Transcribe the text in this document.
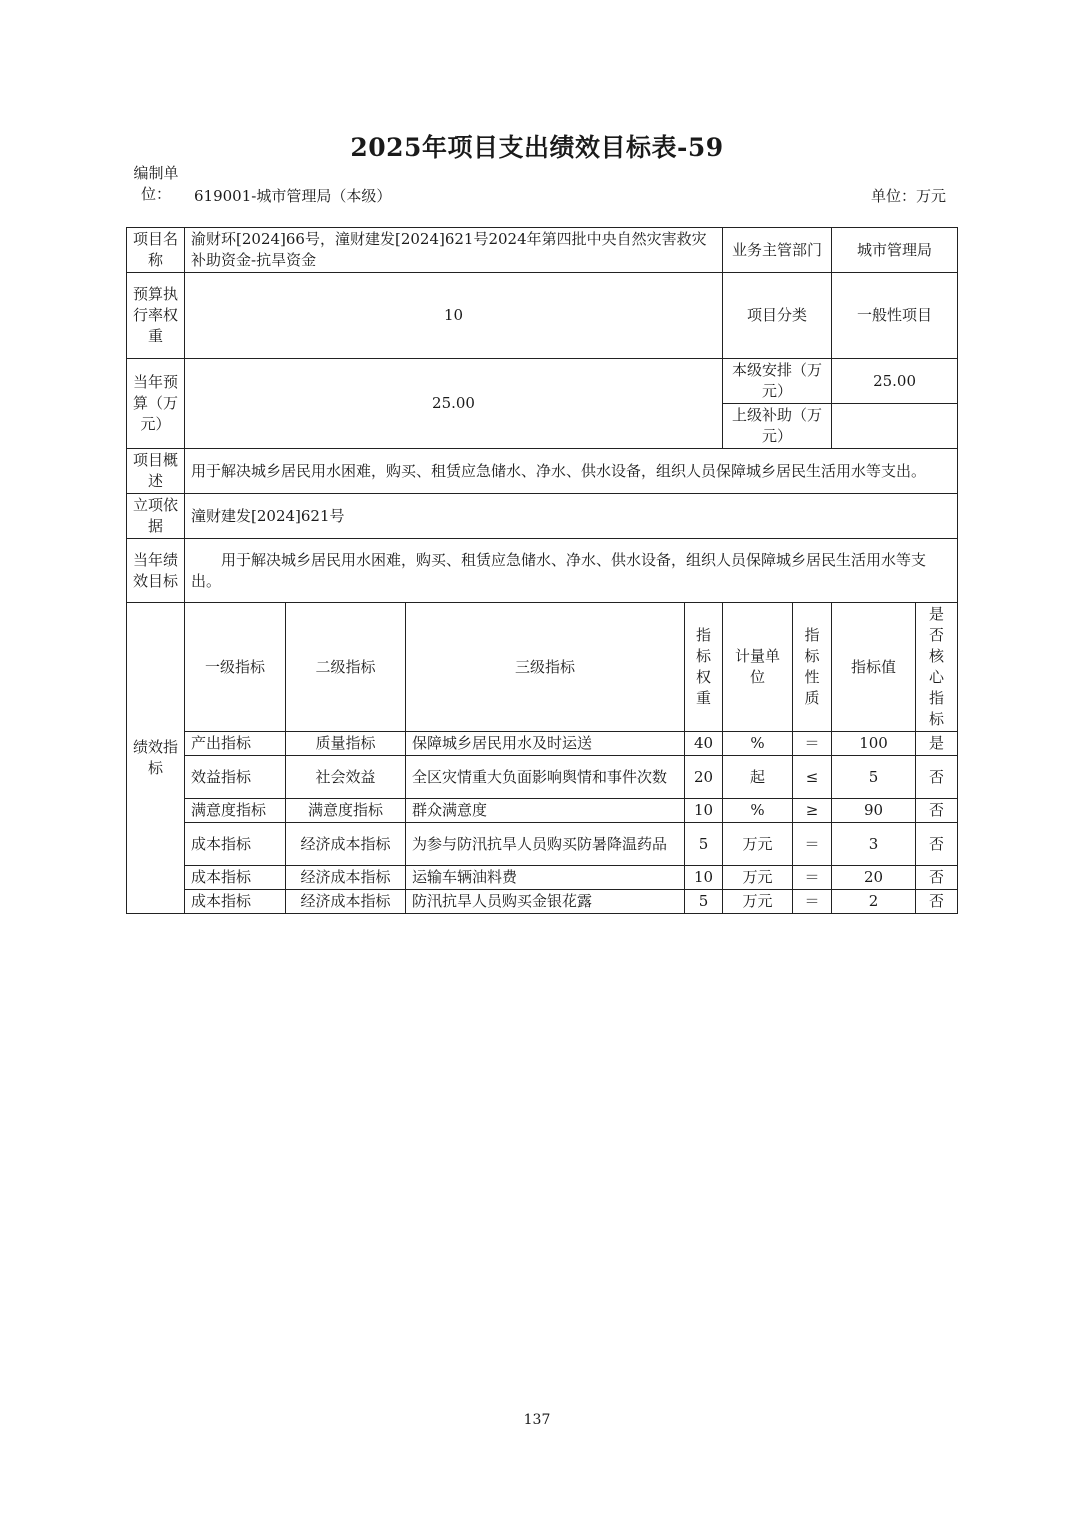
2025年项目支出绩效目标表-59
编制单位：	619001-城市管理局（本级）	单位：万元
项目名称	渝财环[2024]66号，潼财建发[2024]621号2024年第四批中央自然灾害救灾补助资金-抗旱资金				业务主管部门		城市管理局	
预算执行率权重	10				项目分类		一般性项目	
当年预算（万元）	25.00				本级安排（万元）		25.00	
					上级补助（万元）			
项目概述	用于解决城乡居民用水困难，购买、租赁应急储水、净水、供水设备，组织人员保障城乡居民生活用水等支出。							
立项依据	潼财建发[2024]621号							
当年绩效目标	用于解决城乡居民用水困难，购买、租赁应急储水、净水、供水设备，组织人员保障城乡居民生活用水等支出。							
绩效指标	一级指标	二级指标	三级指标	指标权重	计量单位	指标性质	指标值	是否核心指标
	产出指标	质量指标	保障城乡居民用水及时运送	40	%	＝	100	是
	效益指标	社会效益	全区灾情重大负面影响舆情和事件次数	20	起	≤	5	否
	满意度指标	满意度指标	群众满意度	10	%	≥	90	否
	成本指标	经济成本指标	为参与防汛抗旱人员购买防暑降温药品	5	万元	＝	3	否
	成本指标	经济成本指标	运输车辆油料费	10	万元	＝	20	否
	成本指标	经济成本指标	防汛抗旱人员购买金银花露	5	万元	＝	2	否
137
